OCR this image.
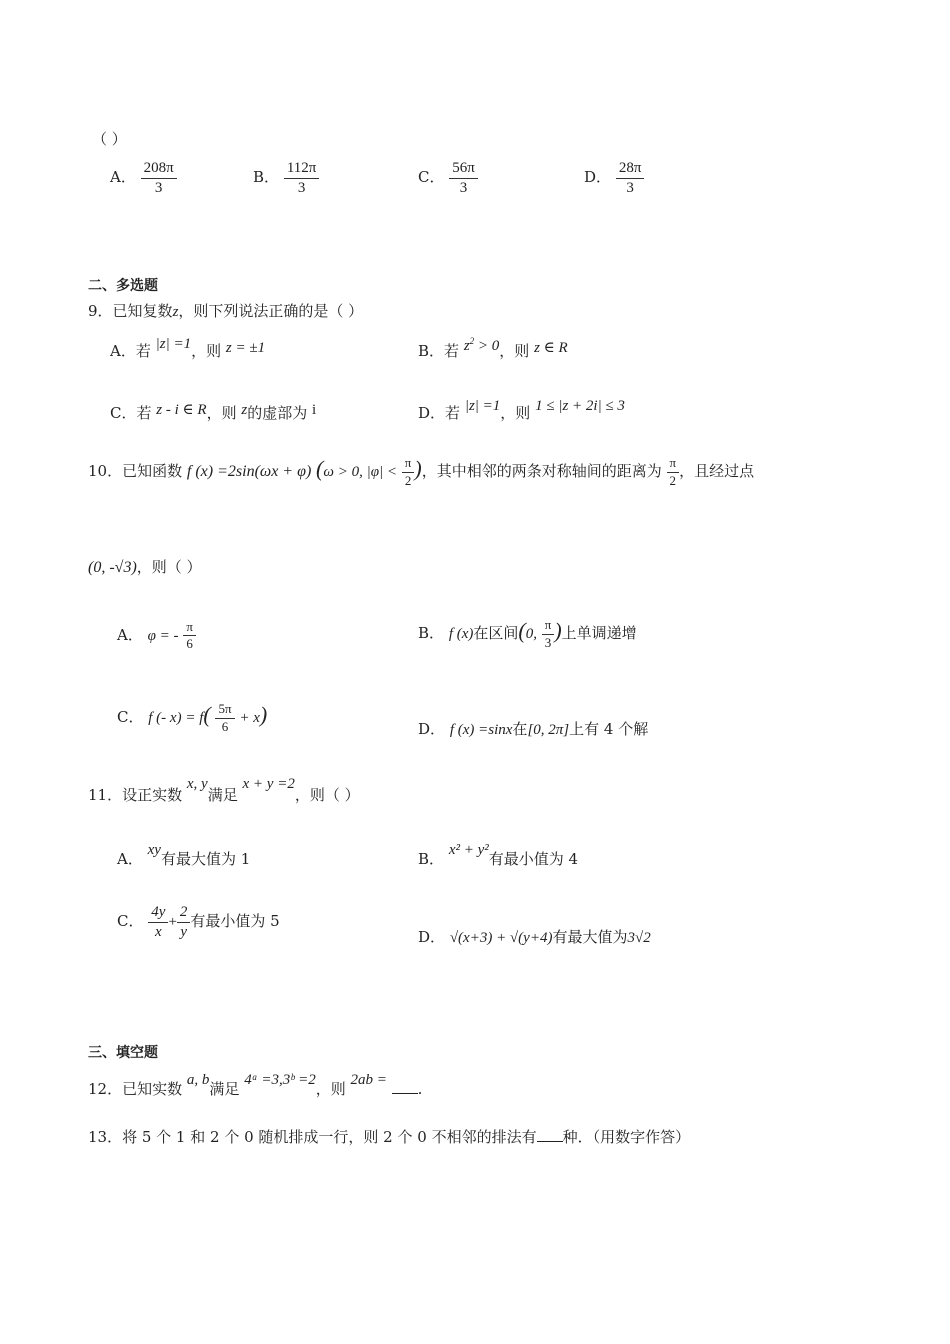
（ ）
A． $\frac{208\pi}{3}$	B． $\frac{112\pi}{3}$	C． $\frac{56\pi}{3}$	D． $\frac{28\pi}{3}$
二、多选题
9．已知复数z，则下列说法正确的是（ ）
A．若 |z| =1，则 z = ±1	B．若 $z^2 > 0$，则 z ∈ R
C．若 z - i ∈ R，则 z的虚部为 i	D．若 |z| =1，则 1 ≤ |z + 2i| ≤ 3
10．已知函数 f (x) =2sin(ωx + φ) (ω > 0, $|\varphi| < \frac{\pi}{2}$ )，其中相邻的两条对称轴间的距离为 $\frac{\pi}{2}$ ，且经过点
(0, -√3)，则（ ）
A． φ = - $\frac{\pi}{6}$	B． f (x)在区间(0, $\frac{\pi}{3}$ )上单调递增
C． f (- $x) = f( \frac{5\pi}{6} + x)$
D． f (x) =sinx在[0, 2π]上有 4 个解
11．设正实数 x, y满足 x + y =2，则（ ）
A． xy有最大值为 1	B． x² + y²有最小值为 4
C． $\frac{4y}{x} + \frac{2}{y}$ 有最小值为 5
D． √(x+3) + √(y+4)有最大值为3√2
三、填空题
12．已知实数 a, b满足 4ᵃ =3,3ᵇ =2，则 2ab = .
13．将 5 个 1 和 2 个 0 随机排成一行，则 2 个 0 不相邻的排法有 种．（用数字作答）
